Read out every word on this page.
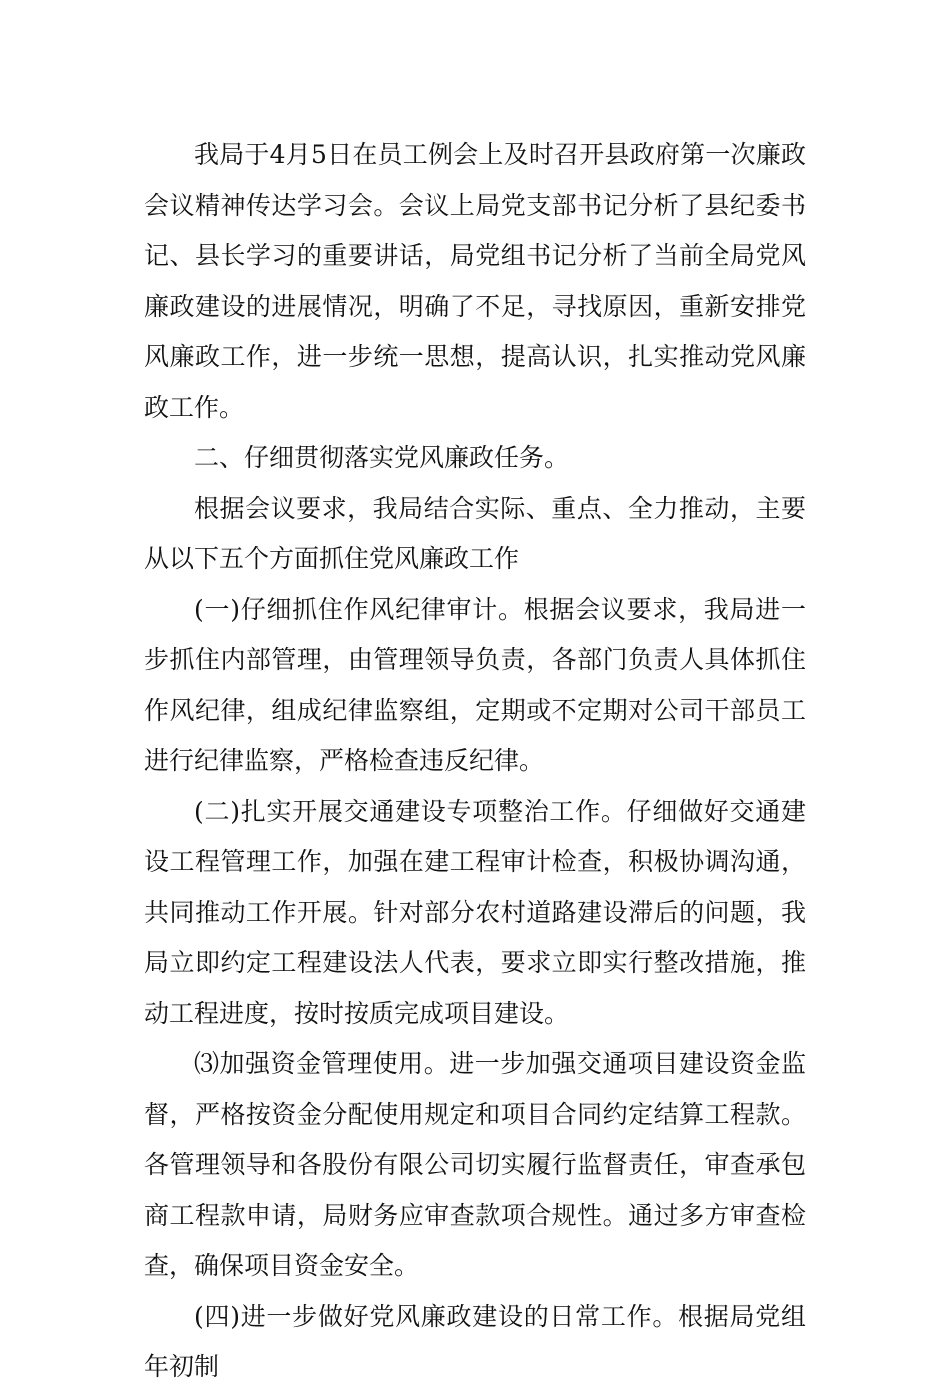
我局于4月5日在员工例会上及时召开县政府第一次廉政会议精神传达学习会。会议上局党支部书记分析了县纪委书记、县长学习的重要讲话，局党组书记分析了当前全局党风廉政建设的进展情况，明确了不足，寻找原因，重新安排党风廉政工作，进一步统一思想，提高认识，扎实推动党风廉政工作。

二、仔细贯彻落实党风廉政任务。

根据会议要求，我局结合实际、重点、全力推动，主要从以下五个方面抓住党风廉政工作

(一)仔细抓住作风纪律审计。根据会议要求，我局进一步抓住内部管理，由管理领导负责，各部门负责人具体抓住作风纪律，组成纪律监察组，定期或不定期对公司干部员工进行纪律监察，严格检查违反纪律。

(二)扎实开展交通建设专项整治工作。仔细做好交通建设工程管理工作，加强在建工程审计检查，积极协调沟通，共同推动工作开展。针对部分农村道路建设滞后的问题，我局立即约定工程建设法人代表，要求立即实行整改措施，推动工程进度，按时按质完成项目建设。

⑶加强资金管理使用。进一步加强交通项目建设资金监督，严格按资金分配使用规定和项目合同约定结算工程款。各管理领导和各股份有限公司切实履行监督责任，审查承包商工程款申请，局财务应审查款项合规性。通过多方审查检查，确保项目资金安全。

(四)进一步做好党风廉政建设的日常工作。根据局党组年初制
